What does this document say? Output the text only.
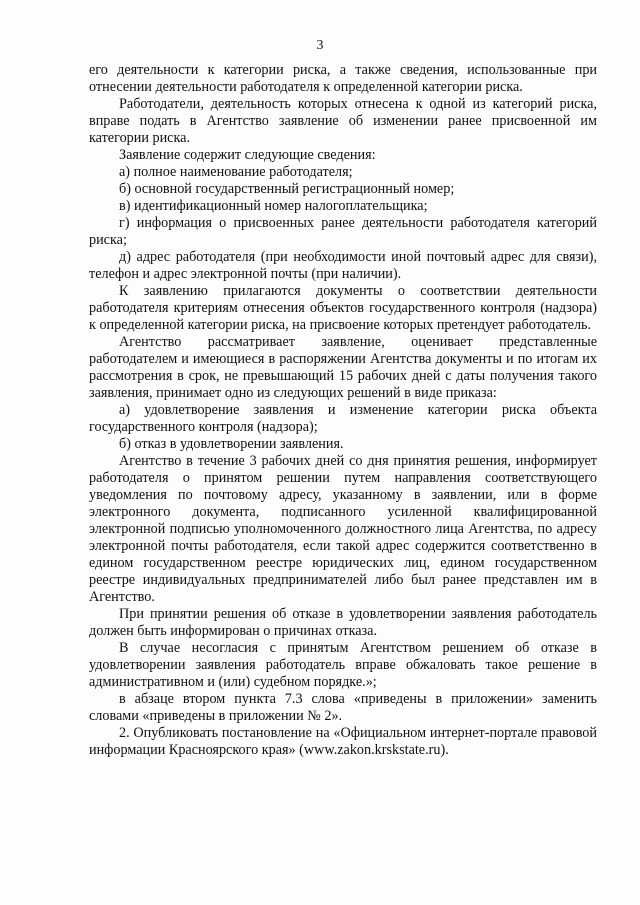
3

его деятельности к категории риска, а также сведения, использованные при отнесении деятельности работодателя к определенной категории риска.

Работодатели, деятельность которых отнесена к одной из категорий риска, вправе подать в Агентство заявление об изменении ранее присвоенной им категории риска.

Заявление содержит следующие сведения:

а) полное наименование работодателя;

б) основной государственный регистрационный номер;

в) идентификационный номер налогоплательщика;

г) информация о присвоенных ранее деятельности работодателя категорий риска;

д) адрес работодателя (при необходимости иной почтовый адрес для связи), телефон и адрес электронной почты (при наличии).

К заявлению прилагаются документы о соответствии деятельности работодателя критериям отнесения объектов государственного контроля (надзора) к определенной категории риска, на присвоение которых претендует работодатель.

Агентство рассматривает заявление, оценивает представленные работодателем и имеющиеся в распоряжении Агентства документы и по итогам их рассмотрения в срок, не превышающий 15 рабочих дней с даты получения такого заявления, принимает одно из следующих решений в виде приказа:

а) удовлетворение заявления и изменение категории риска объекта государственного контроля (надзора);

б) отказ в удовлетворении заявления.

Агентство в течение 3 рабочих дней со дня принятия решения, информирует работодателя о принятом решении путем направления соответствующего уведомления по почтовому адресу, указанному в заявлении, или в форме электронного документа, подписанного усиленной квалифицированной электронной подписью уполномоченного должностного лица Агентства, по адресу электронной почты работодателя, если такой адрес содержится соответственно в едином государственном реестре юридических лиц, едином государственном реестре индивидуальных предпринимателей либо был ранее представлен им в Агентство.

При принятии решения об отказе в удовлетворении заявления работодатель должен быть информирован о причинах отказа.

В случае несогласия с принятым Агентством решением об отказе в удовлетворении заявления работодатель вправе обжаловать такое решение в административном и (или) судебном порядке.»;

в абзаце втором пункта 7.3 слова «приведены в приложении» заменить словами «приведены в приложении № 2».

2. Опубликовать постановление на «Официальном интернет-портале правовой информации Красноярского края» (www.zakon.krskstate.ru).
